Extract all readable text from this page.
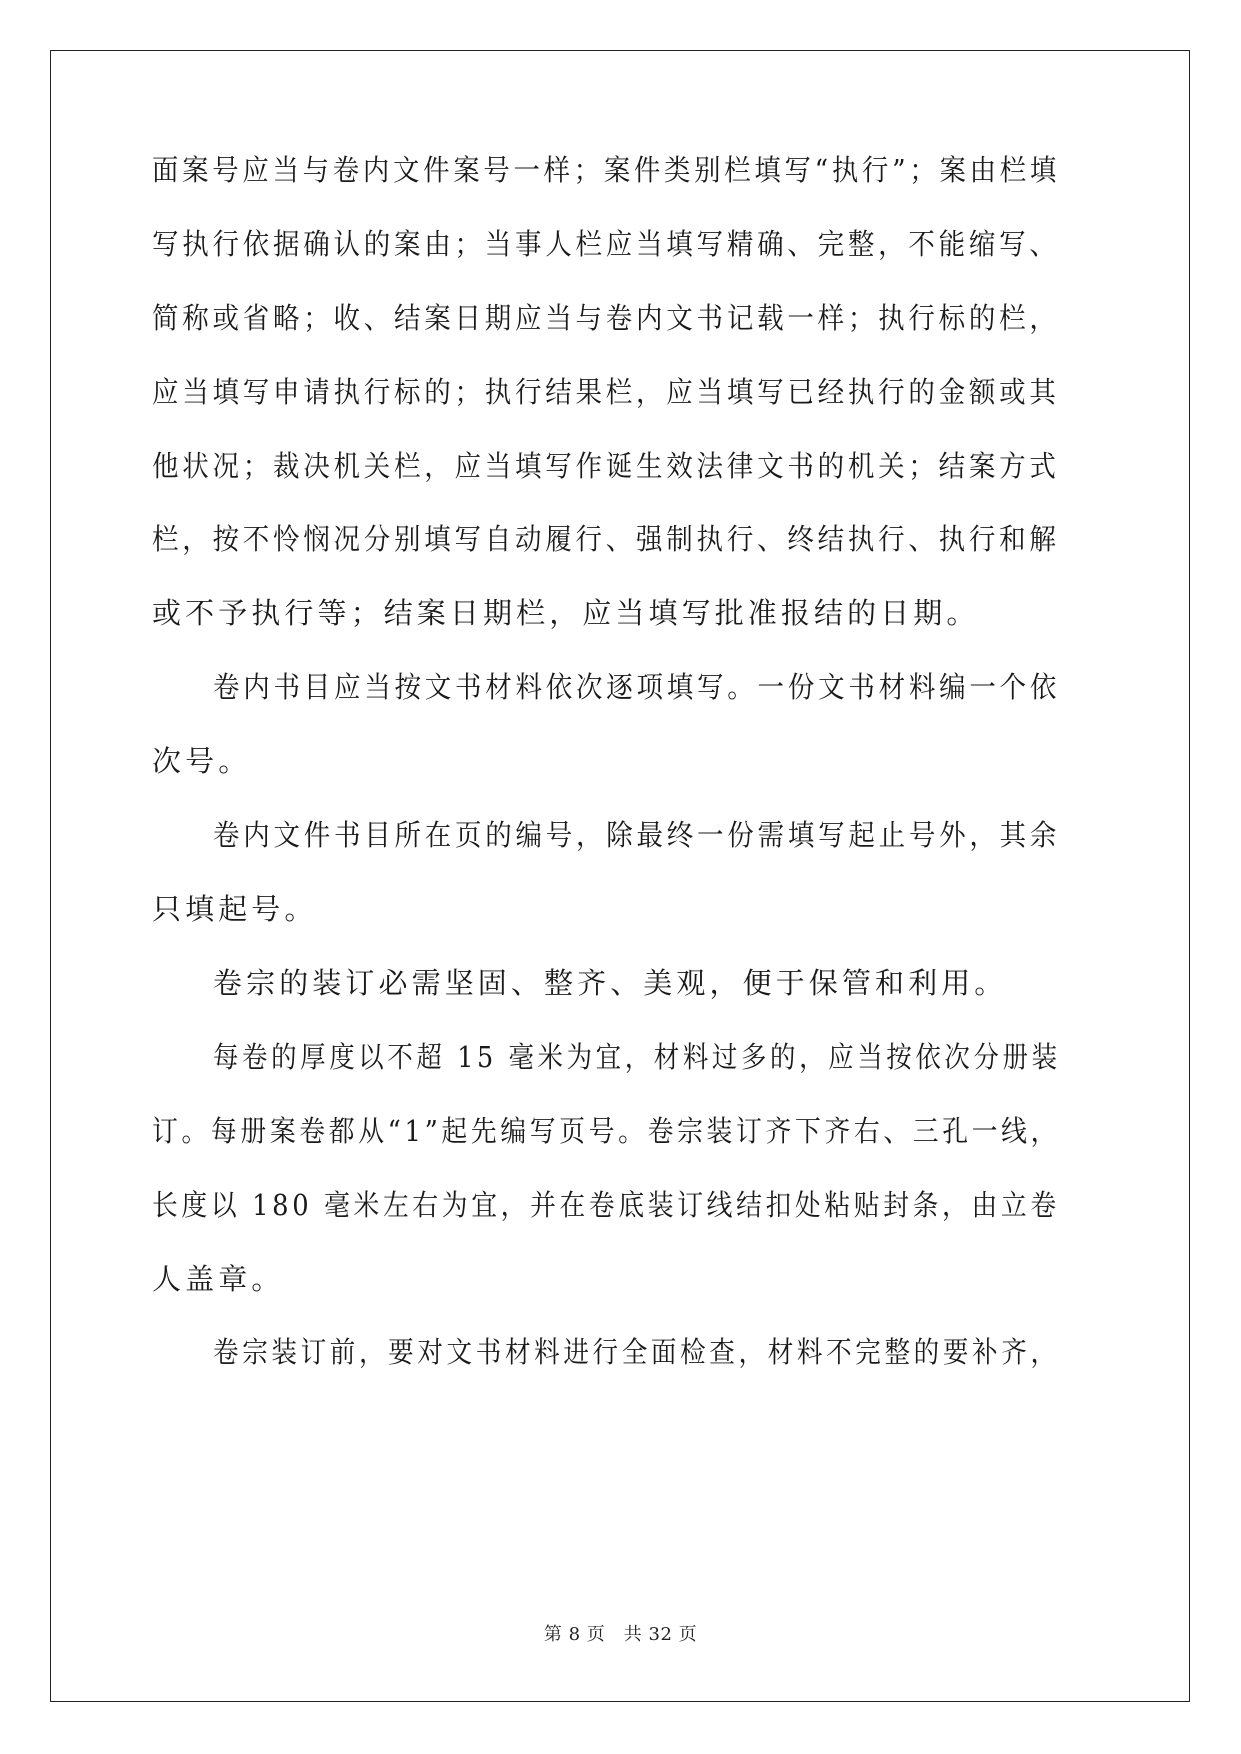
面案号应当与卷内文件案号一样；案件类别栏填写“执行”；案由栏填
写执行依据确认的案由；当事人栏应当填写精确、完整，不能缩写、
简称或省略；收、结案日期应当与卷内文书记载一样；执行标的栏，
应当填写申请执行标的；执行结果栏，应当填写已经执行的金额或其
他状况；裁决机关栏，应当填写作诞生效法律文书的机关；结案方式
栏，按不怜悯况分别填写自动履行、强制执行、终结执行、执行和解
或不予执行等；结案日期栏，应当填写批准报结的日期。
卷内书目应当按文书材料依次逐项填写。一份文书材料编一个依
次号。
卷内文件书目所在页的编号，除最终一份需填写起止号外，其余
只填起号。
卷宗的装订必需坚固、整齐、美观，便于保管和利用。
每卷的厚度以不超 15 毫米为宜，材料过多的，应当按依次分册装
订。每册案卷都从“1”起先编写页号。卷宗装订齐下齐右、三孔一线，
长度以 180 毫米左右为宜，并在卷底装订线结扣处粘贴封条，由立卷
人盖章。
卷宗装订前，要对文书材料进行全面检查，材料不完整的要补齐，
第 8 页　共 32 页
